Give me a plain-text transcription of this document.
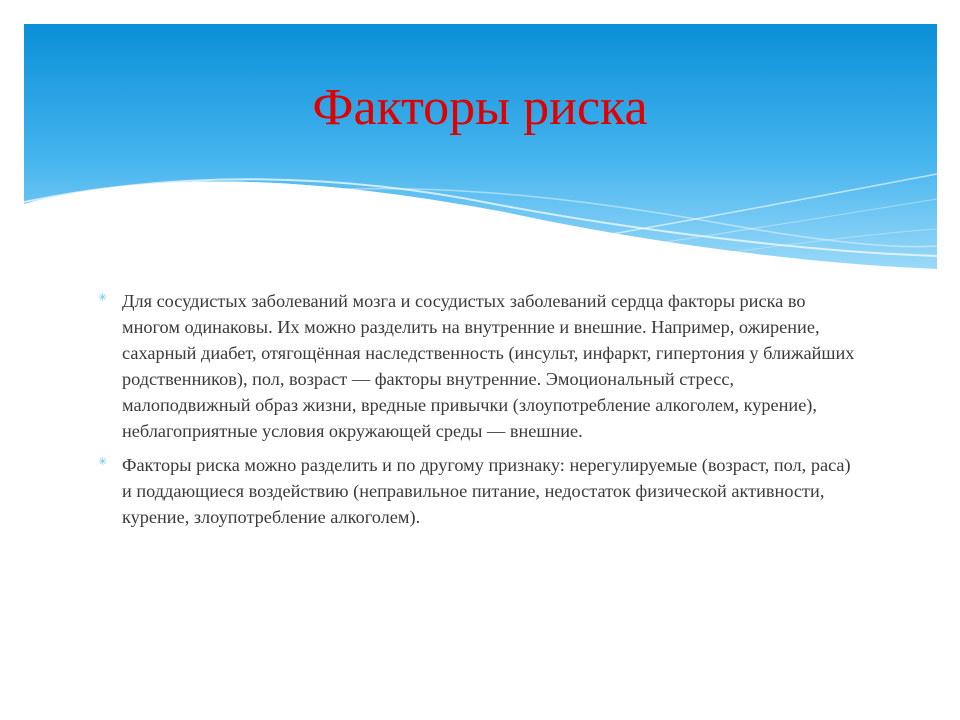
Факторы риска
✳ Для сосудистых заболеваний мозга и сосудистых заболеваний сердца факторы риска во многом одинаковы. Их можно разделить на внутренние и внешние. Например, ожирение, сахарный диабет, отягощённая наследственность (инсульт, инфаркт, гипертония у ближайших родственников), пол, возраст — факторы внутренние. Эмоциональный стресс, малоподвижный образ жизни, вредные привычки (злоупотребление алкоголем, курение), неблагоприятные условия окружающей среды — внешние.
✳ Факторы риска можно разделить и по другому признаку: нерегулируемые (возраст, пол, раса) и поддающиеся воздействию (неправильное питание, недостаток физической активности, курение, злоупотребление алкоголем).
